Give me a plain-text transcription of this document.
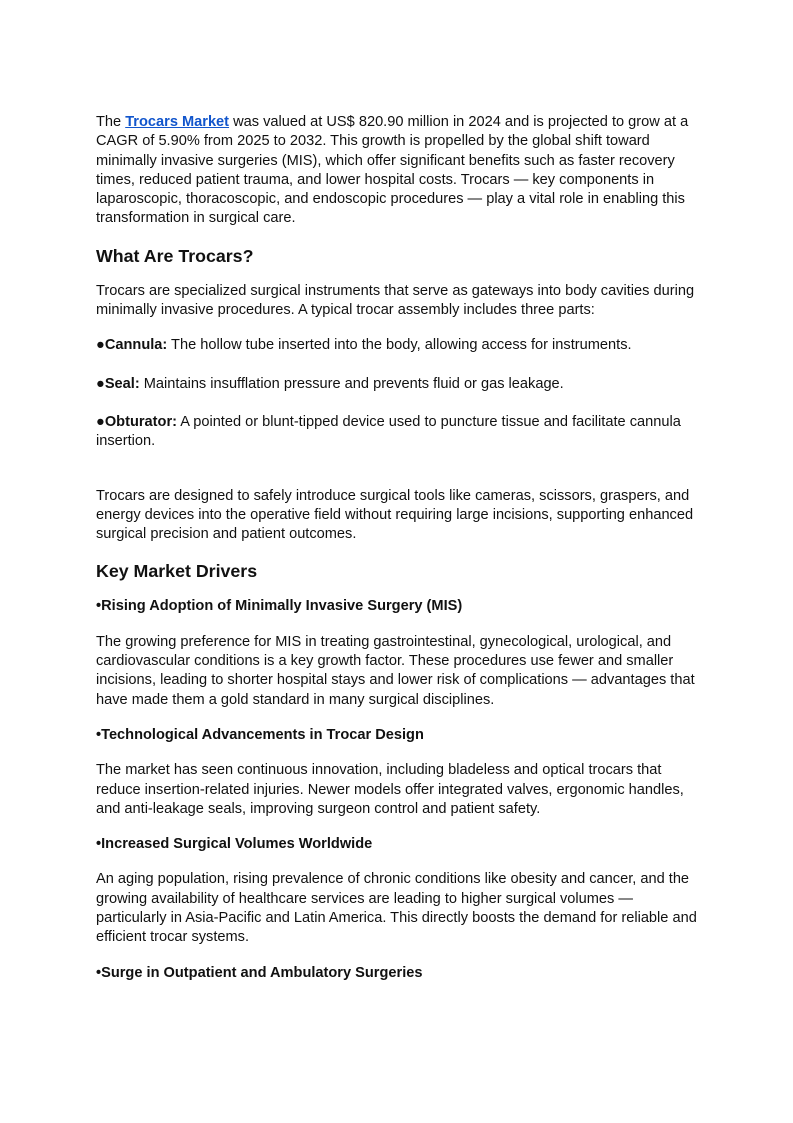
The Trocars Market was valued at US$ 820.90 million in 2024 and is projected to grow at a CAGR of 5.90% from 2025 to 2032. This growth is propelled by the global shift toward minimally invasive surgeries (MIS), which offer significant benefits such as faster recovery times, reduced patient trauma, and lower hospital costs. Trocars — key components in laparoscopic, thoracoscopic, and endoscopic procedures — play a vital role in enabling this transformation in surgical care.

What Are Trocars?

Trocars are specialized surgical instruments that serve as gateways into body cavities during minimally invasive procedures. A typical trocar assembly includes three parts:

●Cannula: The hollow tube inserted into the body, allowing access for instruments.

●Seal: Maintains insufflation pressure and prevents fluid or gas leakage.

●Obturator: A pointed or blunt-tipped device used to puncture tissue and facilitate cannula insertion.

Trocars are designed to safely introduce surgical tools like cameras, scissors, graspers, and energy devices into the operative field without requiring large incisions, supporting enhanced surgical precision and patient outcomes.

Key Market Drivers
•Rising Adoption of Minimally Invasive Surgery (MIS)

The growing preference for MIS in treating gastrointestinal, gynecological, urological, and cardiovascular conditions is a key growth factor. These procedures use fewer and smaller incisions, leading to shorter hospital stays and lower risk of complications — advantages that have made them a gold standard in many surgical disciplines.

•Technological Advancements in Trocar Design

The market has seen continuous innovation, including bladeless and optical trocars that reduce insertion-related injuries. Newer models offer integrated valves, ergonomic handles, and anti-leakage seals, improving surgeon control and patient safety.

•Increased Surgical Volumes Worldwide

An aging population, rising prevalence of chronic conditions like obesity and cancer, and the growing availability of healthcare services are leading to higher surgical volumes — particularly in Asia-Pacific and Latin America. This directly boosts the demand for reliable and efficient trocar systems.

•Surge in Outpatient and Ambulatory Surgeries
